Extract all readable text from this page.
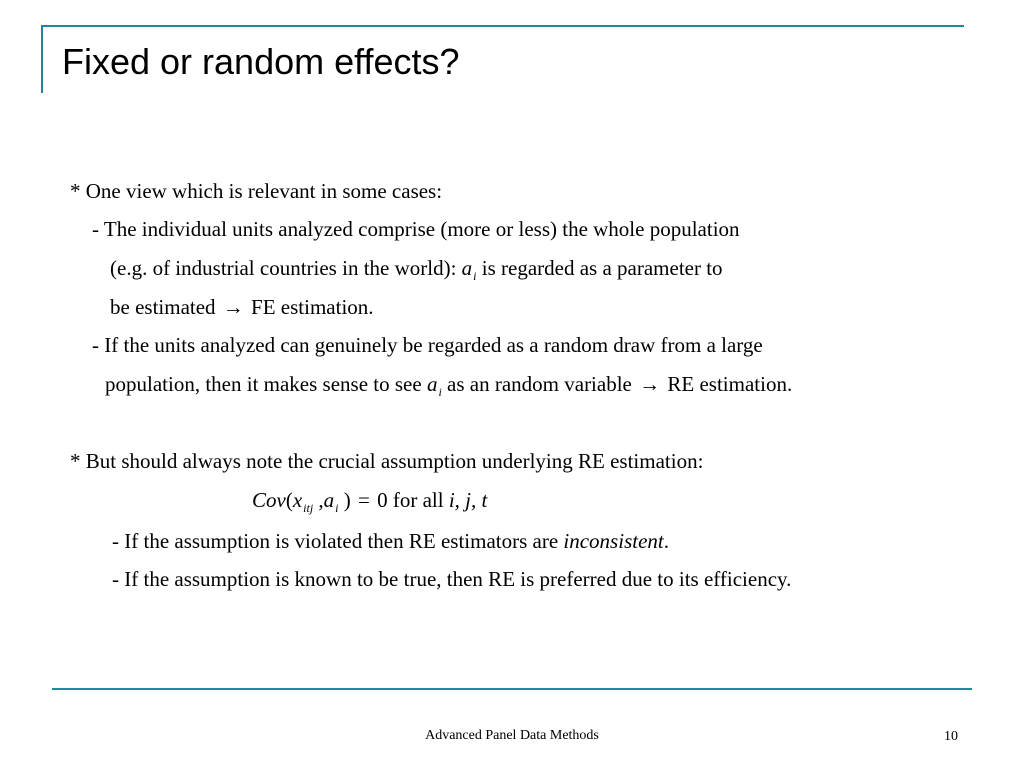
Fixed or random effects?
* One view which is relevant in some cases:
- The individual units analyzed comprise (more or less) the whole population
(e.g. of industrial countries in the world): $a_i$ is regarded as a parameter to
be estimated → FE estimation.
- If the units analyzed can genuinely be regarded as a random draw from a large
population, then it makes sense to see $a_i$ as an random variable → RE estimation.
* But should always note the crucial assumption underlying RE estimation:
$Cov(x_{itj}$ $,a_i$ ) = 0 for all i, j, t
- If the assumption is violated then RE estimators are inconsistent.
- If the assumption is known to be true, then RE is preferred due to its efficiency.
Advanced Panel Data Methods	10
